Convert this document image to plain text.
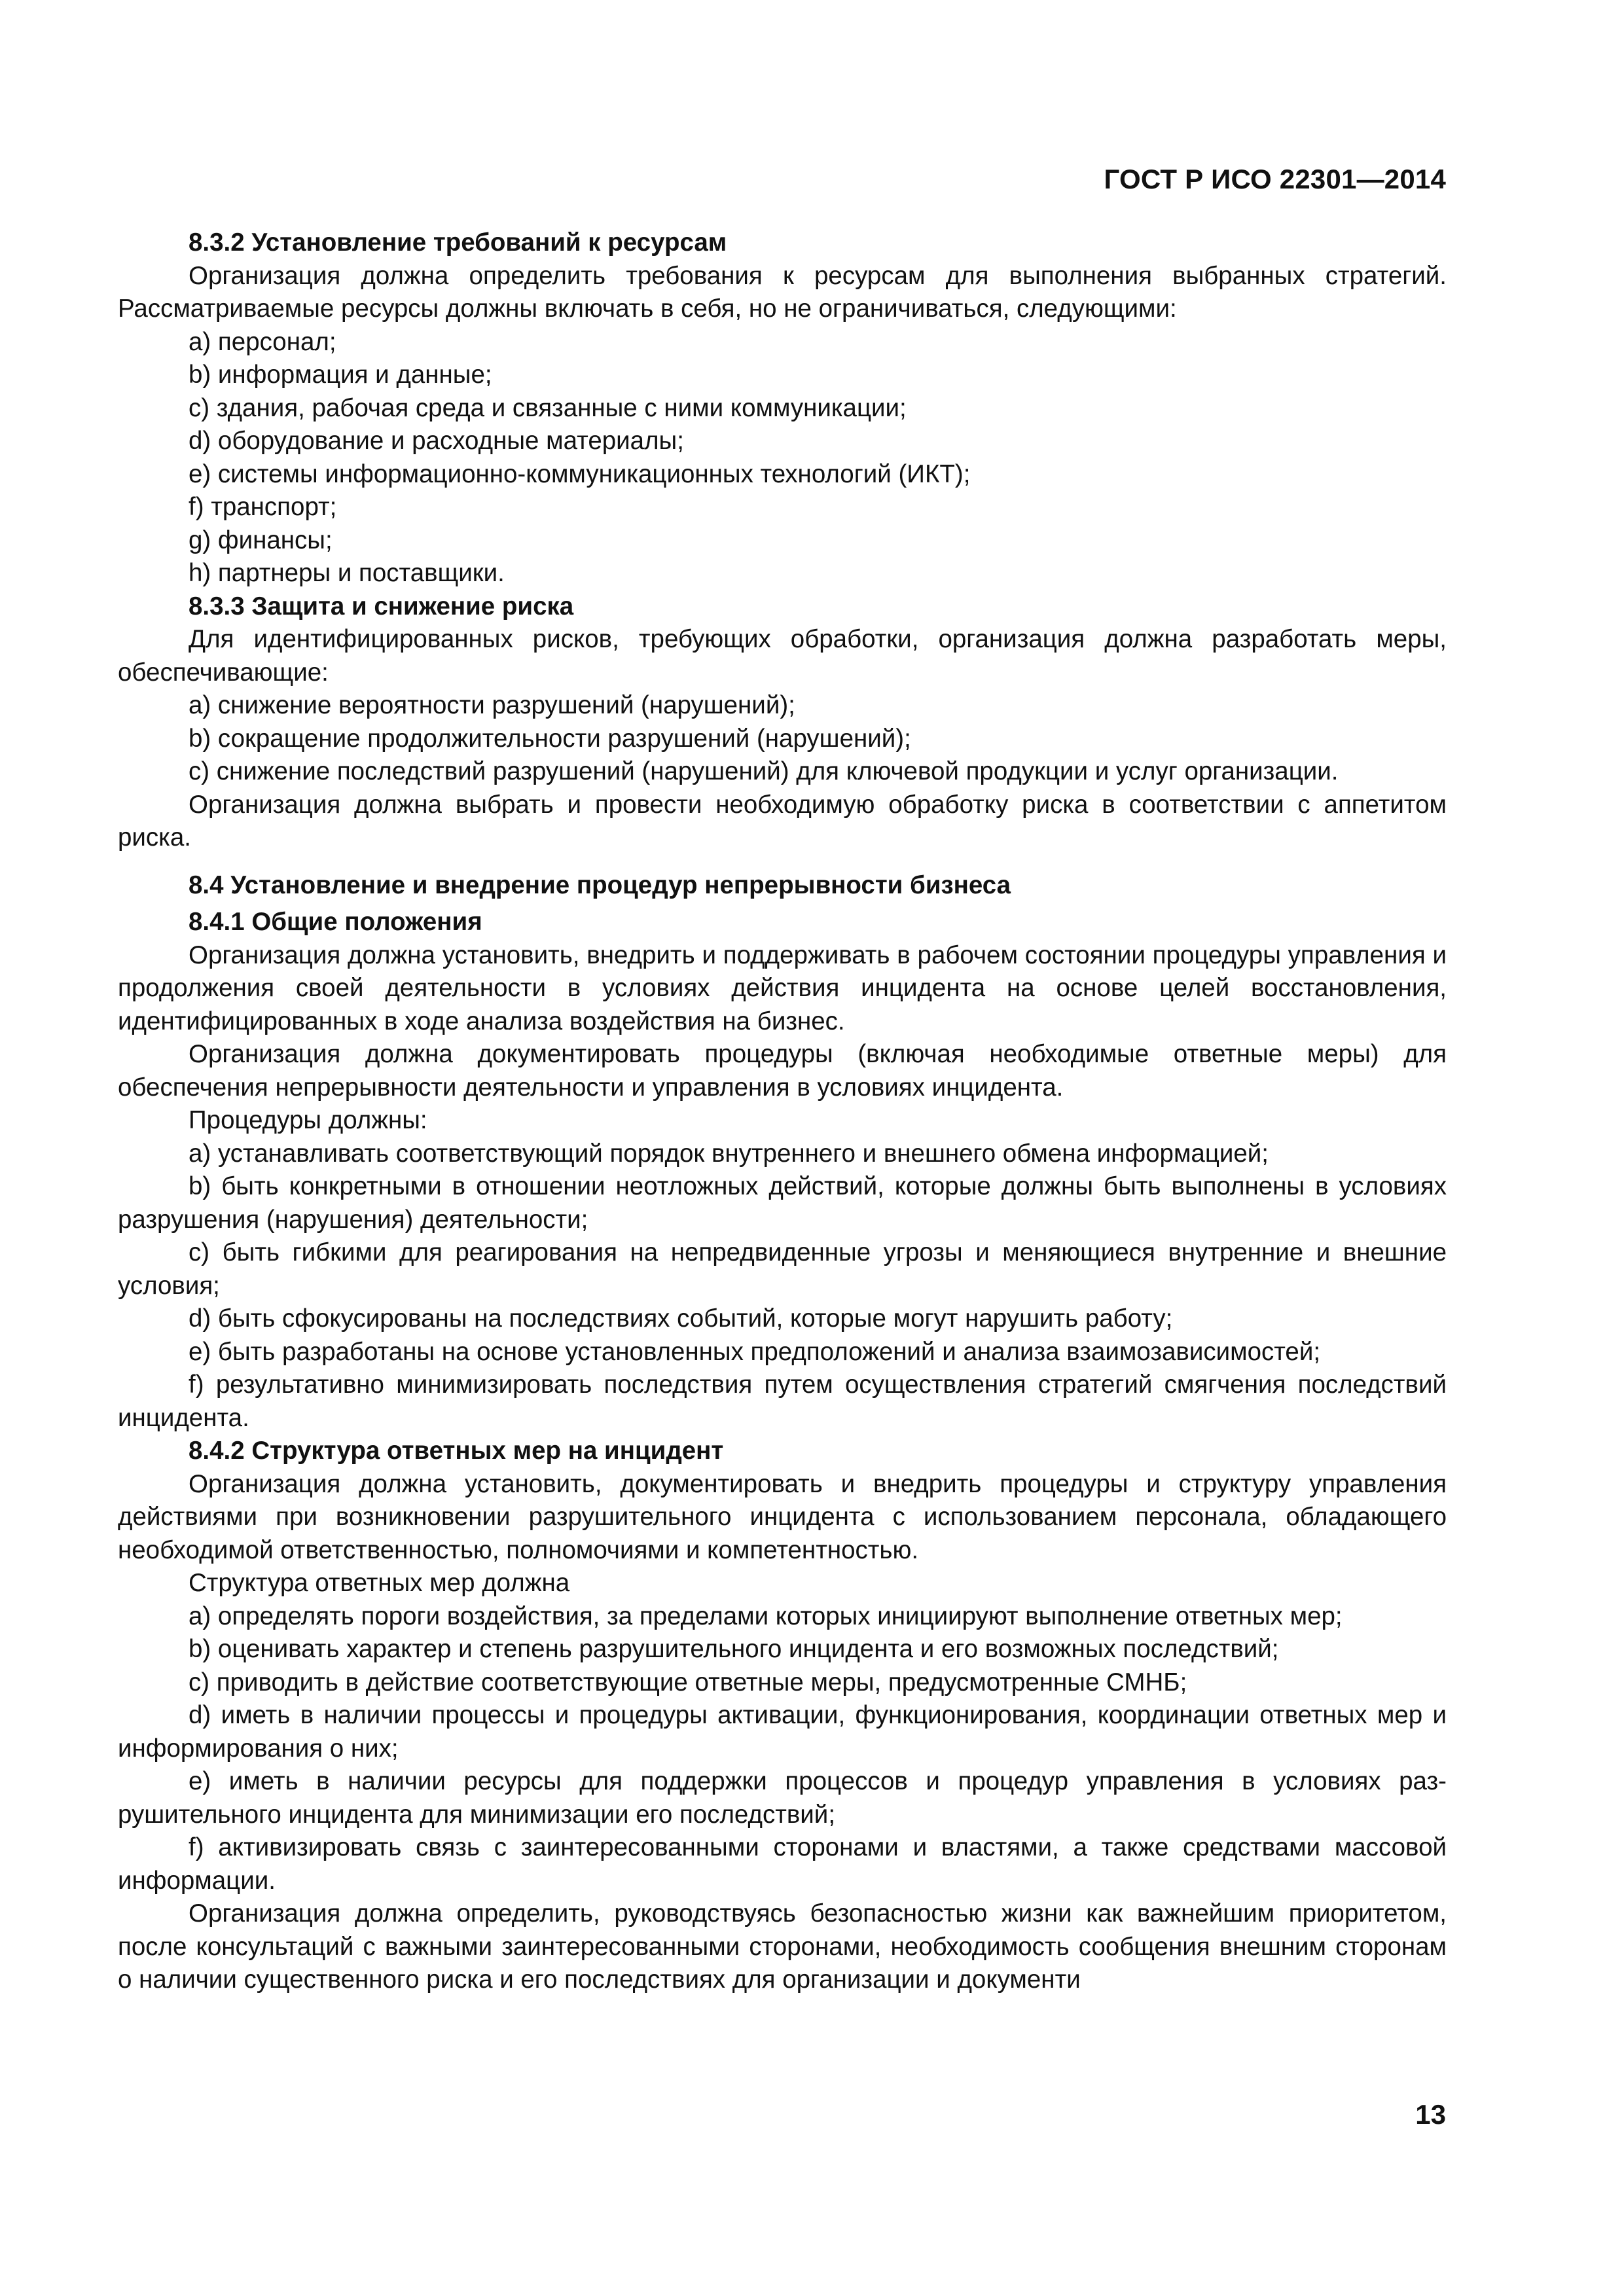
ГОСТ Р ИСО 22301—2014

8.3.2 Установление требований к ресурсам

Организация должна определить требования к ресурсам для выполнения выбранных стратегий. Рассматриваемые ресурсы должны включать в себя, но не ограничиваться, следующими:

а) персонал;

b) информация и данные;

c) здания, рабочая среда и связанные с ними коммуникации;

d) оборудование и расходные материалы;

e) системы информационно-коммуникационных технологий (ИКТ);

f) транспорт;

g) финансы;

h) партнеры и поставщики.

8.3.3 Защита и снижение риска

Для идентифицированных рисков, требующих обработки, организация должна разработать меры, обеспечивающие:

а) снижение вероятности разрушений (нарушений);

b) сокращение продолжительности разрушений (нарушений);

c) снижение последствий разрушений (нарушений) для ключевой продукции и услуг организации.

Организация должна выбрать и провести необходимую обработку риска в соответствии с аппетитом риска.

8.4 Установление и внедрение процедур непрерывности бизнеса

8.4.1 Общие положения

Организация должна установить, внедрить и поддерживать в рабочем состоянии процедуры управления и продолжения своей деятельности в условиях действия инцидента на основе целей восстановления, идентифицированных в ходе анализа воздействия на бизнес.

Организация должна документировать процедуры (включая необходимые ответные меры) для обеспечения непрерывности деятельности и управления в условиях инцидента.

Процедуры должны:

а) устанавливать соответствующий порядок внутреннего и внешнего обмена информацией;

b) быть конкретными в отношении неотложных действий, которые должны быть выполнены в условиях разрушения (нарушения) деятельности;

c) быть гибкими для реагирования на непредвиденные угрозы и меняющиеся внутренние и внешние условия;

d) быть сфокусированы на последствиях событий, которые могут нарушить работу;

e) быть разработаны на основе установленных предположений и анализа взаимозависимостей;

f) результативно минимизировать последствия путем осуществления стратегий смягчения последствий инцидента.

8.4.2 Структура ответных мер на инцидент

Организация должна установить, документировать и внедрить процедуры и структуру управления действиями при возникновении разрушительного инцидента с использованием персонала, обладающего необходимой ответственностью, полномочиями и компетентностью.

Структура ответных мер должна

а) определять пороги воздействия, за пределами которых инициируют выполнение ответных мер;

b) оценивать характер и степень разрушительного инцидента и его возможных последствий;

c) приводить в действие соответствующие ответные меры, предусмотренные СМНБ;

d) иметь в наличии процессы и процедуры активации, функционирования, координации ответных мер и информирования о них;

e) иметь в наличии ресурсы для поддержки процессов и процедур управления в условиях разрушительного инцидента для минимизации его последствий;

f) активизировать связь с заинтересованными сторонами и властями, а также средствами массовой информации.

Организация должна определить, руководствуясь безопасностью жизни как важнейшим приоритетом, после консультаций с важными заинтересованными сторонами, необходимость сообщения внешним сторонам о наличии существенного риска и его последствиях для организации и документи

13
